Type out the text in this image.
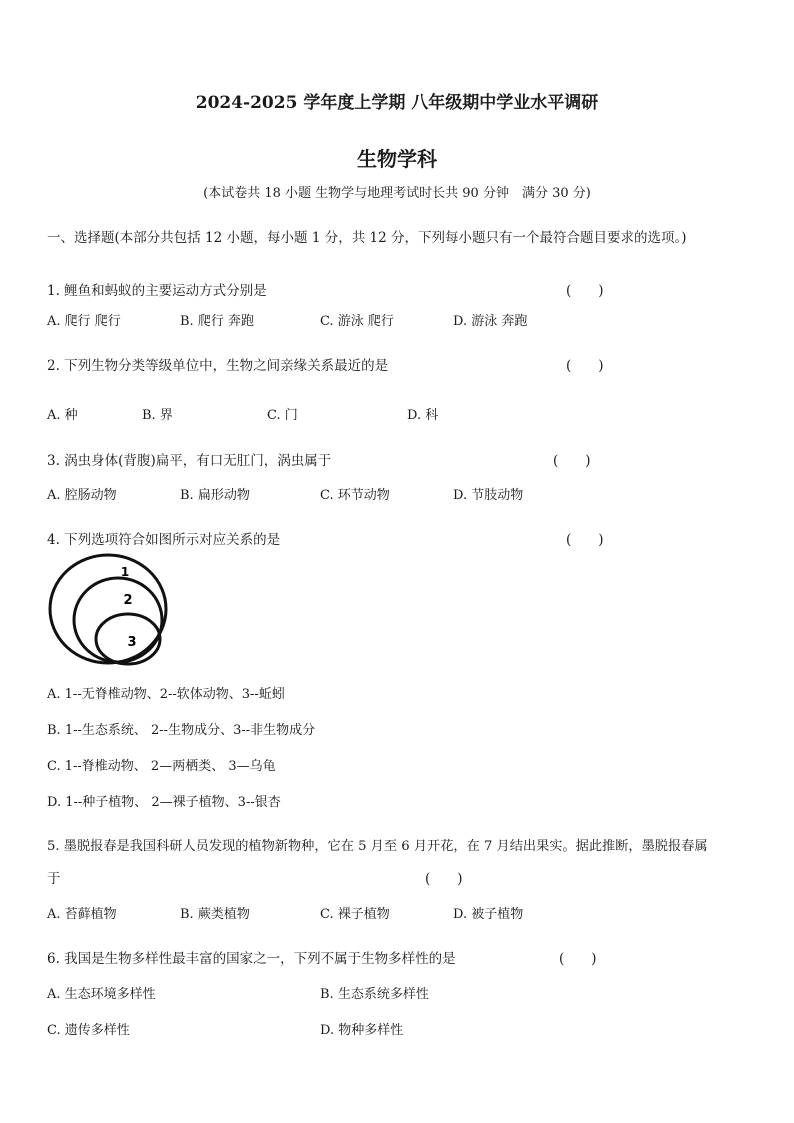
2024-2025 学年度上学期 八年级期中学业水平调研
生物学科
(本试卷共 18 小题 生物学与地理考试时长共 90 分钟　满分 30 分)
一、选择题(本部分共包括 12 小题，每小题 1 分，共 12 分，下列每小题只有一个最符合题目要求的选项。)
1. 鲤鱼和蚂蚁的主要运动方式分别是	(　　)
A. 爬行 爬行	B. 爬行 奔跑	C. 游泳 爬行	D. 游泳 奔跑
2. 下列生物分类等级单位中，生物之间亲缘关系最近的是	(　　)
A. 种	B. 界	C. 门	D. 科
3. 涡虫身体(背腹)扁平，有口无肛门，涡虫属于	(　　)
A. 腔肠动物	B. 扁形动物	C. 环节动物	D. 节肢动物
4. 下列选项符合如图所示对应关系的是	(　　)
1
2
3
A. 1--无脊椎动物、2--软体动物、3--蚯蚓
B. 1--生态系统、 2--生物成分、3--非生物成分
C. 1--脊椎动物、 2—两栖类、 3—乌龟
D. 1--种子植物、 2—裸子植物、3--银杏
5. 墨脱报春是我国科研人员发现的植物新物种，它在 5 月至 6 月开花，在 7 月结出果实。据此推断，墨脱报春属
于	(　　)
A. 苔藓植物	B. 蕨类植物	C. 裸子植物	D. 被子植物
6. 我国是生物多样性最丰富的国家之一，下列不属于生物多样性的是	(　　)
A. 生态环境多样性	B. 生态系统多样性
C. 遗传多样性	D. 物种多样性
